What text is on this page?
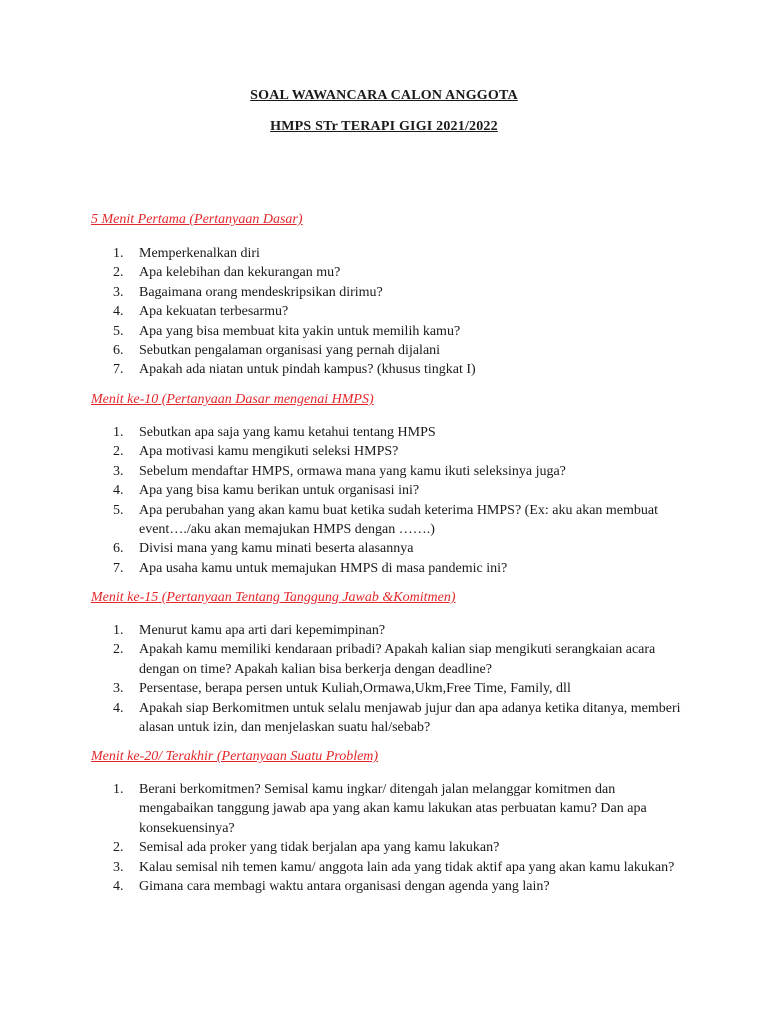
SOAL WAWANCARA CALON ANGGOTA
HMPS STr TERAPI GIGI 2021/2022
5 Menit Pertama (Pertanyaan Dasar)
1. Memperkenalkan diri
2. Apa kelebihan dan kekurangan mu?
3. Bagaimana orang mendeskripsikan dirimu?
4. Apa kekuatan terbesarmu?
5. Apa yang bisa membuat kita yakin untuk memilih kamu?
6. Sebutkan pengalaman organisasi yang pernah dijalani
7. Apakah ada niatan untuk pindah kampus? (khusus tingkat I)
Menit ke-10 (Pertanyaan Dasar mengenai HMPS)
1. Sebutkan apa saja yang kamu ketahui tentang HMPS
2. Apa motivasi kamu mengikuti seleksi HMPS?
3. Sebelum mendaftar HMPS, ormawa mana yang kamu ikuti seleksinya juga?
4. Apa yang bisa kamu berikan untuk organisasi ini?
5. Apa perubahan yang akan kamu buat ketika sudah keterima HMPS? (Ex: aku akan membuat event…./aku akan memajukan HMPS dengan …….)
6. Divisi mana yang kamu minati beserta alasannya
7. Apa usaha kamu untuk memajukan HMPS di masa pandemic ini?
Menit ke-15 (Pertanyaan Tentang Tanggung Jawab &Komitmen)
1. Menurut kamu apa arti dari kepemimpinan?
2. Apakah kamu memiliki kendaraan pribadi? Apakah kalian siap mengikuti serangkaian acara dengan on time? Apakah kalian bisa berkerja dengan deadline?
3. Persentase, berapa persen untuk Kuliah,Ormawa,Ukm,Free Time, Family, dll
4. Apakah siap Berkomitmen untuk selalu menjawab jujur dan apa adanya ketika ditanya, memberi alasan untuk izin, dan menjelaskan suatu hal/sebab?
Menit ke-20/ Terakhir (Pertanyaan Suatu Problem)
1. Berani berkomitmen? Semisal kamu ingkar/ ditengah jalan melanggar komitmen dan mengabaikan tanggung jawab apa yang akan kamu lakukan atas perbuatan kamu? Dan apa konsekuensinya?
2. Semisal ada proker yang tidak berjalan apa yang kamu lakukan?
3. Kalau semisal nih temen kamu/ anggota lain ada yang tidak aktif apa yang akan kamu lakukan?
4. Gimana cara membagi waktu antara organisasi dengan agenda yang lain?
